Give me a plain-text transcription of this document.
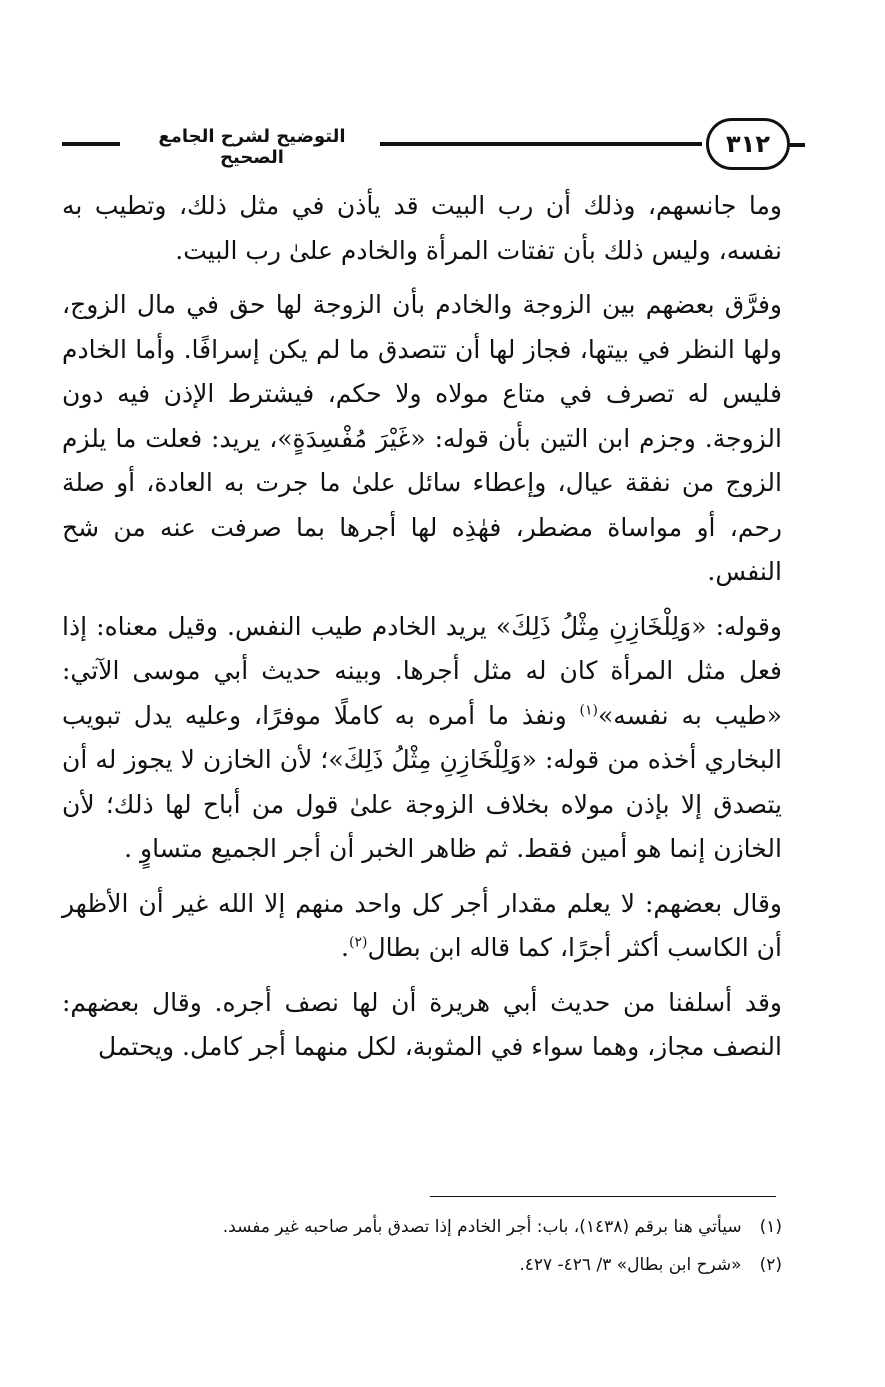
التوضيح لشرح الجامع الصحيح	٣١٢

وما جانسهم، وذلك أن رب البيت قد يأذن في مثل ذلك، وتطيب به نفسه، وليس ذلك بأن تفتات المرأة والخادم علىٰ رب البيت.

وفرَّق بعضهم بين الزوجة والخادم بأن الزوجة لها حق في مال الزوج، ولها النظر في بيتها، فجاز لها أن تتصدق ما لم يكن إسرافًا. وأما الخادم فليس له تصرف في متاع مولاه ولا حكم، فيشترط الإذن فيه دون الزوجة. وجزم ابن التين بأن قوله: «غَيْرَ مُفْسِدَةٍ»، يريد: فعلت ما يلزم الزوج من نفقة عيال، وإعطاء سائل علىٰ ما جرت به العادة، أو صلة رحم، أو مواساة مضطر، فهٰذِه لها أجرها بما صرفت عنه من شح النفس.

وقوله: «وَلِلْخَازِنِ مِثْلُ ذَلِكَ» يريد الخادم طيب النفس. وقيل معناه: إذا فعل مثل المرأة كان له مثل أجرها. وبينه حديث أبي موسى الآتي: «طيب به نفسه»$^{(١)}$ ونفذ ما أمره به كاملًا موفرًا، وعليه يدل تبويب البخاري أخذه من قوله: «وَلِلْخَازِنِ مِثْلُ ذَلِكَ»؛ لأن الخازن لا يجوز له أن يتصدق إلا بإذن مولاه بخلاف الزوجة علىٰ قول من أباح لها ذلك؛ لأن الخازن إنما هو أمين فقط. ثم ظاهر الخبر أن أجر الجميع متساوٍ .

وقال بعضهم: لا يعلم مقدار أجر كل واحد منهم إلا الله غير أن الأظهر أن الكاسب أكثر أجرًا، كما قاله ابن بطال$^{(٢)}$.

وقد أسلفنا من حديث أبي هريرة أن لها نصف أجره. وقال بعضهم: النصف مجاز، وهما سواء في المثوبة، لكل منهما أجر كامل. ويحتمل

(١)سيأتي هنا برقم (١٤٣٨)، باب: أجر الخادم إذا تصدق بأمر صاحبه غير مفسد.

(٢)«شرح ابن بطال» ٣/ ٤٢٦- ٤٢٧.
